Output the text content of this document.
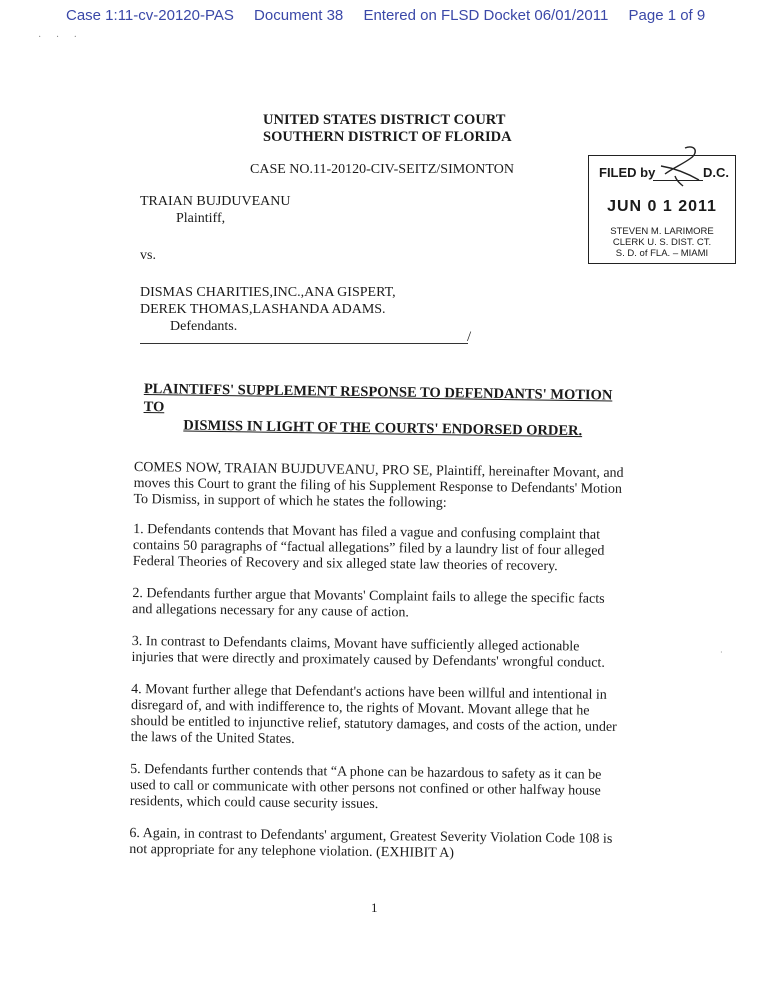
Case 1:11-cv-20120-PAS Document 38 Entered on FLSD Docket 06/01/2011 Page 1 of 9
· · ·
UNITED STATES DISTRICT COURT
SOUTHERN DISTRICT OF FLORIDA
CASE NO.11-20120-CIV-SEITZ/SIMONTON
TRAIAN BUJDUVEANU
Plaintiff,
vs.
DISMAS CHARITIES,INC.,ANA GISPERT,
DEREK THOMAS,LASHANDA ADAMS.
Defendants.
/
FILED by	D.C.
JUN 0 1 2011
STEVEN M. LARIMORE
CLERK U. S. DIST. CT.
S. D. of FLA. – MIAMI
PLAINTIFFS' SUPPLEMENT RESPONSE TO DEFENDANTS' MOTION TO
DISMISS IN LIGHT OF THE COURTS' ENDORSED ORDER.

COMES NOW, TRAIAN BUJDUVEANU, PRO SE, Plaintiff, hereinafter Movant, and moves this Court to grant the filing of his Supplement Response to Defendants' Motion To Dismiss, in support of which he states the following:

1. Defendants contends that Movant has filed a vague and confusing complaint that contains 50 paragraphs of “factual allegations” filed by a laundry list of four alleged Federal Theories of Recovery and six alleged state law theories of recovery.

2. Defendants further argue that Movants' Complaint fails to allege the specific facts and allegations necessary for any cause of action.

3. In contrast to Defendants claims, Movant have sufficiently alleged actionable injuries that were directly and proximately caused by Defendants' wrongful conduct.

4. Movant further allege that Defendant's actions have been willful and intentional in disregard of, and with indifference to, the rights of Movant. Movant allege that he should be entitled to injunctive relief, statutory damages, and costs of the action, under the laws of the United States.

5. Defendants further contends that “A phone can be hazardous to safety as it can be used to call or communicate with other persons not confined or other halfway house residents, which could cause security issues.

6. Again, in contrast to Defendants' argument, Greatest Severity Violation Code 108 is not appropriate for any telephone violation. (EXHIBIT A)

·
1
